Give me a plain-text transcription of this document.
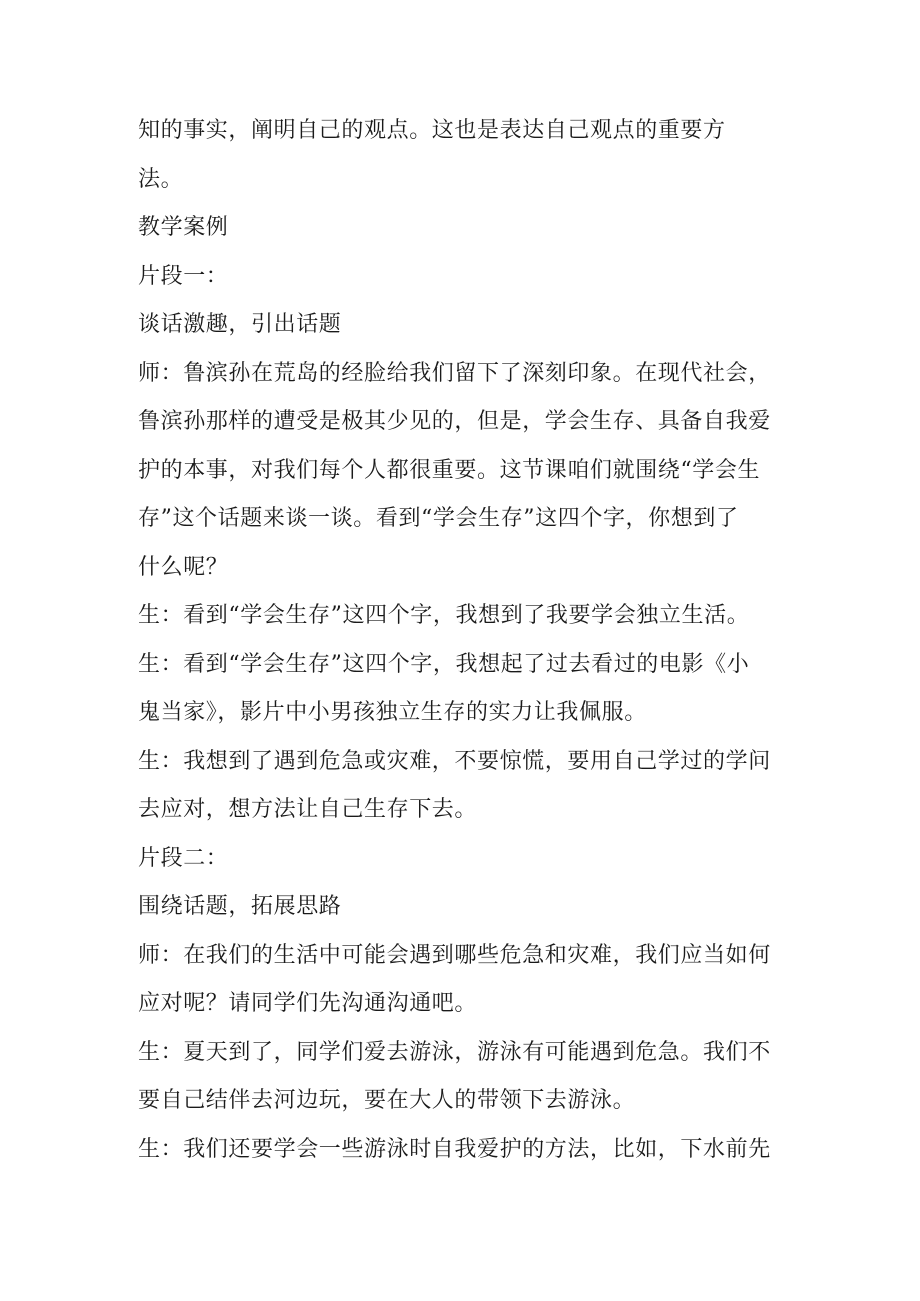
知的事实，阐明自己的观点。这也是表达自己观点的重要方
法。
教学案例
片段一：
谈话激趣，引出话题
师：鲁滨孙在荒岛的经脸给我们留下了深刻印象。在现代社会，
鲁滨孙那样的遭受是极其少见的，但是，学会生存、具备自我爱
护的本事，对我们每个人都很重要。这节课咱们就围绕“学会生
存”这个话题来谈一谈。看到“学会生存”这四个字，你想到了
什么呢？
生：看到“学会生存”这四个字，我想到了我要学会独立生活。
生：看到“学会生存”这四个字，我想起了过去看过的电影《小
鬼当家》，影片中小男孩独立生存的实力让我佩服。
生：我想到了遇到危急或灾难，不要惊慌，要用自己学过的学问
去应对，想方法让自己生存下去。
片段二：
围绕话题，拓展思路
师：在我们的生活中可能会遇到哪些危急和灾难，我们应当如何
应对呢？请同学们先沟通沟通吧。
生：夏天到了，同学们爱去游泳，游泳有可能遇到危急。我们不
要自己结伴去河边玩，要在大人的带领下去游泳。
生：我们还要学会一些游泳时自我爱护的方法，比如，下水前先
